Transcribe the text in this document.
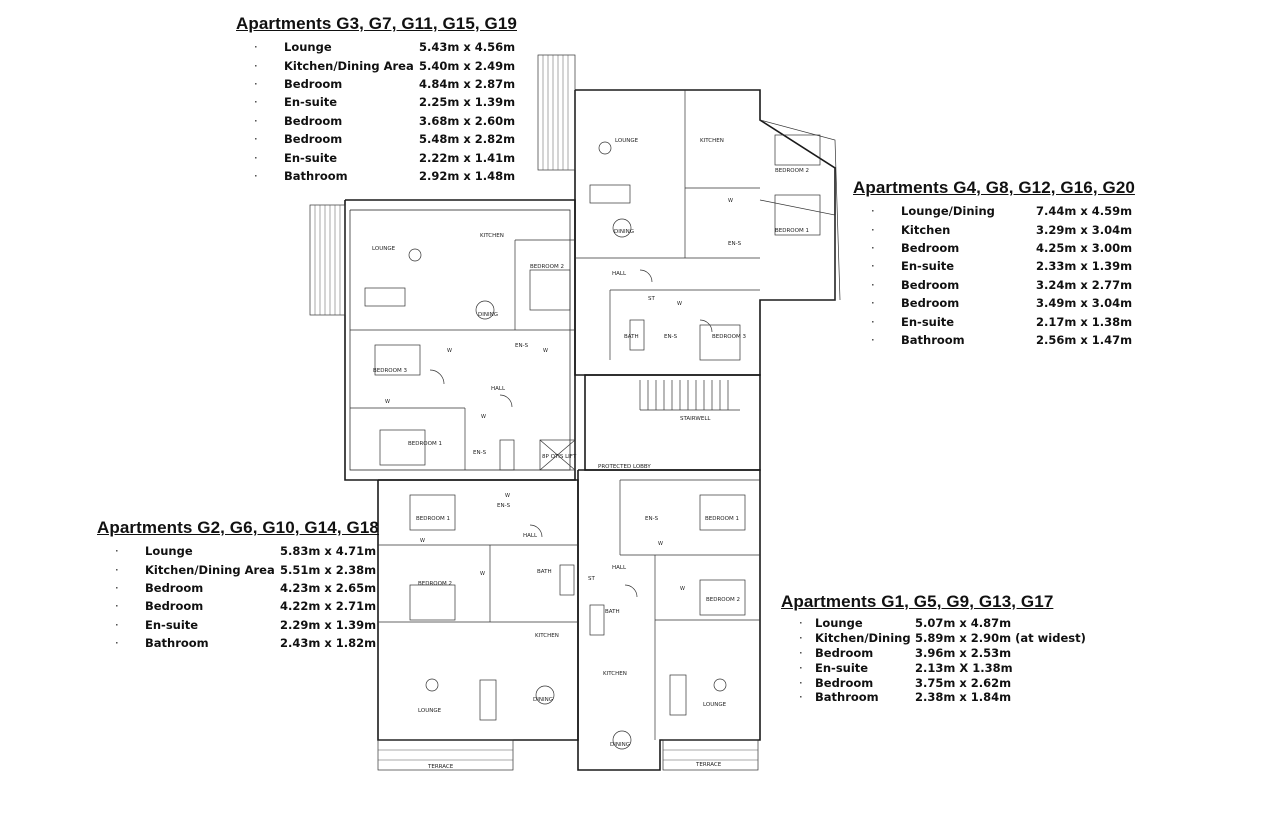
LOUNGE	KITCHEN
BEDROOM 2
BEDROOM 1
DINING
HALL
EN-S
BATH	EN-S	BEDROOM 3
ST
LOUNGE
KITCHEN
BEDROOM 2
DINING
EN-S
BEDROOM 3
HALL
BEDROOM 1
EN-S
8P OTIS LIFT
STAIRWELL
PROTECTED LOBBY
BEDROOM 1
EN-S
HALL
BEDROOM 2
BATH
KITCHEN
LOUNGE
DINING
EN-S	BEDROOM 1
HALL
ST
BEDROOM 2
BATH
KITCHEN
LOUNGE
DINING
TERRACE	TERRACE
W
W
W
W
W
W
W
W
W
W
W
Apartments G3, G7, G11, G15, G19
·	Lounge	5.43m x 4.56m
·	Kitchen/Dining Area	5.40m x 2.49m
·	Bedroom	4.84m x 2.87m
·	En-suite	2.25m x 1.39m
·	Bedroom	3.68m x 2.60m
·	Bedroom	5.48m x 2.82m
·	En-suite	2.22m x 1.41m
·	Bathroom	2.92m x 1.48m
Apartments G4, G8, G12, G16, G20
·	Lounge/Dining	7.44m x 4.59m
·	Kitchen	3.29m x 3.04m
·	Bedroom	4.25m x 3.00m
·	En-suite	2.33m x 1.39m
·	Bedroom	3.24m x 2.77m
·	Bedroom	3.49m x 3.04m
·	En-suite	2.17m x 1.38m
·	Bathroom	2.56m x 1.47m
Apartments G2, G6, G10, G14, G18
·	Lounge	5.83m x 4.71m
·	Kitchen/Dining Area	5.51m x 2.38m
·	Bedroom	4.23m x 2.65m
·	Bedroom	4.22m x 2.71m
·	En-suite	2.29m x 1.39m
·	Bathroom	2.43m x 1.82m
Apartments G1, G5, G9, G13, G17
·	Lounge	5.07m x 4.87m
·	Kitchen/Dining	5.89m x 2.90m (at widest)
·	Bedroom	3.96m x 2.53m
·	En-suite	2.13m X 1.38m
·	Bedroom	3.75m x 2.62m
·	Bathroom	2.38m x 1.84m
